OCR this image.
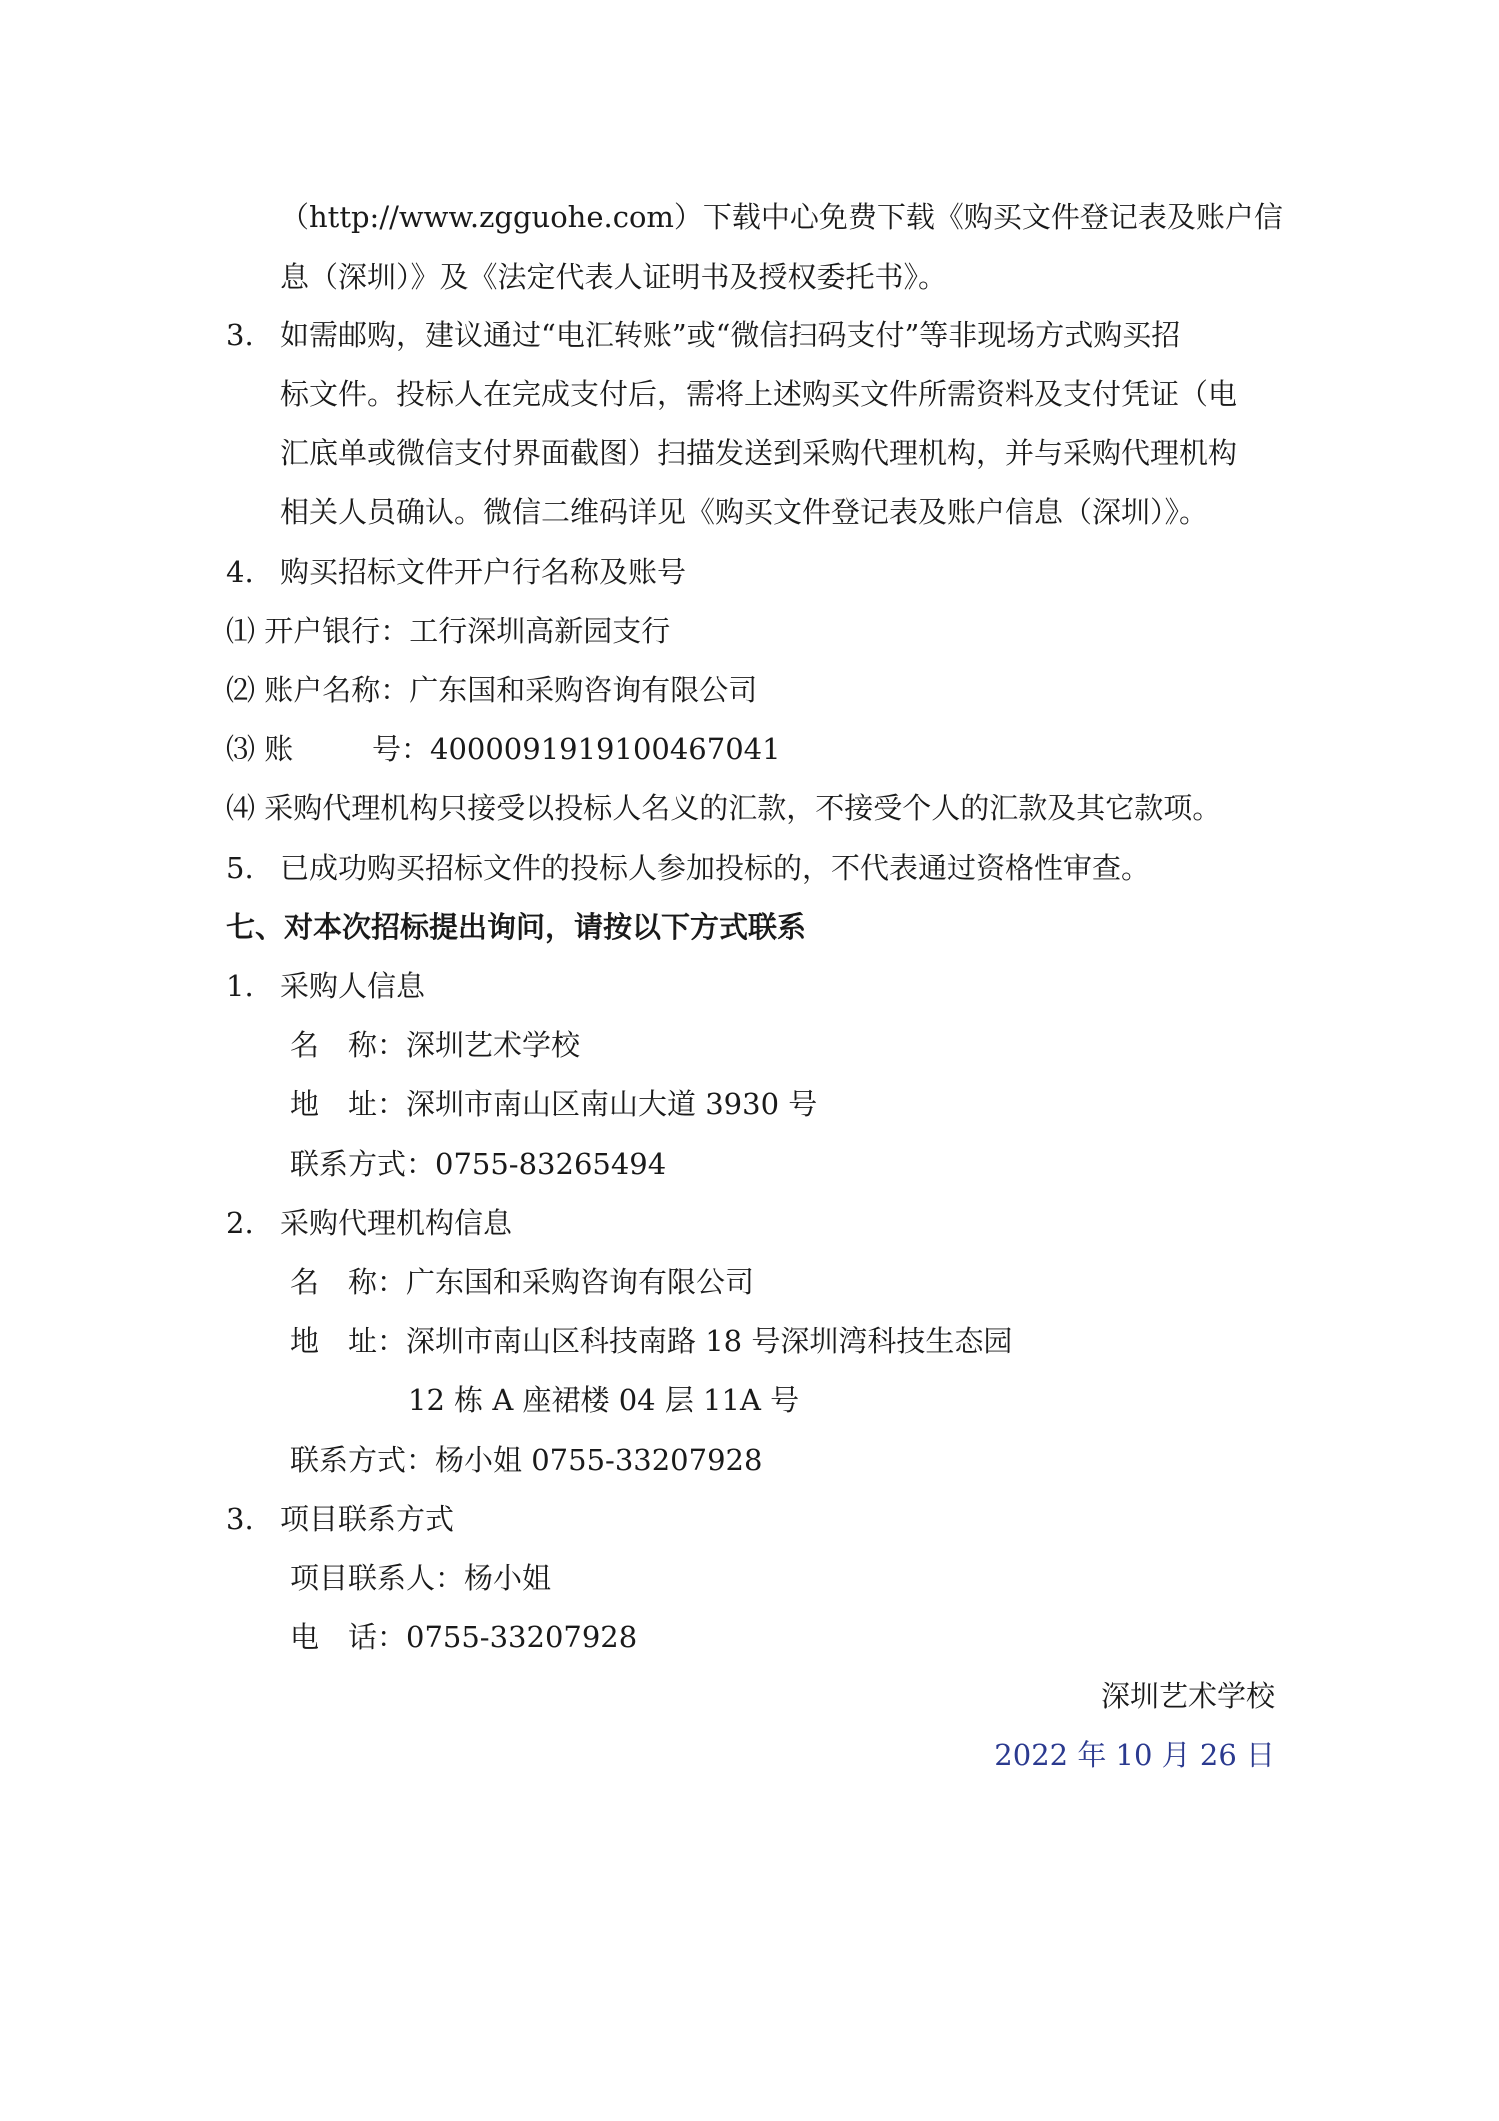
（http://www.zgguohe.com）下载中心免费下载《购买文件登记表及账户信
息（深圳）》及《法定代表人证明书及授权委托书》。
3. 如需邮购，建议通过“电汇转账”或“微信扫码支付”等非现场方式购买招
标文件。投标人在完成支付后，需将上述购买文件所需资料及支付凭证（电
汇底单或微信支付界面截图）扫描发送到采购代理机构，并与采购代理机构
相关人员确认。微信二维码详见《购买文件登记表及账户信息（深圳）》。
4. 购买招标文件开户行名称及账号
⑴ 开户银行：工行深圳高新园支行
⑵ 账户名称：广东国和采购咨询有限公司
⑶ 账	号： 4000091919100467041
⑷ 采购代理机构只接受以投标人名义的汇款，不接受个人的汇款及其它款项。
5. 已成功购买招标文件的投标人参加投标的，不代表通过资格性审查。
七、对本次招标提出询问，请按以下方式联系
1. 采购人信息
名　称：深圳艺术学校
地　址：深圳市南山区南山大道 3930 号
联系方式：0755-83265494
2. 采购代理机构信息
名　称：广东国和采购咨询有限公司
地　址：深圳市南山区科技南路 18 号深圳湾科技生态园
12 栋 A 座裙楼 04 层 11A 号
联系方式：杨小姐 0755-33207928
3. 项目联系方式
项目联系人：杨小姐
电　话：0755-33207928
深圳艺术学校
2022 年 10 月 26 日
